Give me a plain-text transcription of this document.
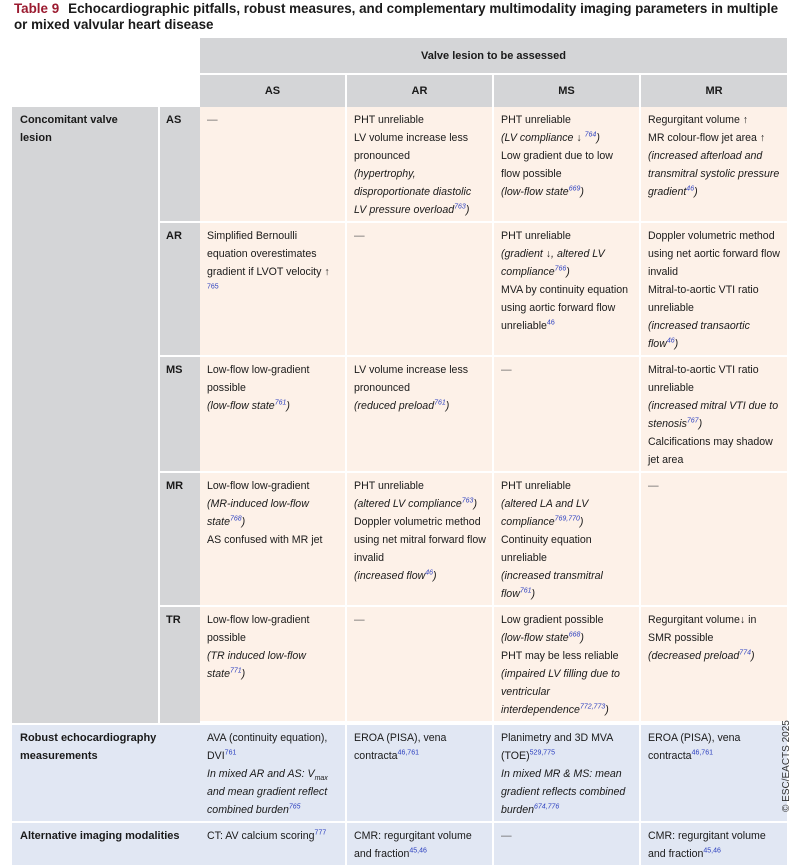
Table 9 Echocardiographic pitfalls, robust measures, and complementary multimodality imaging parameters in multiple or mixed valvular heart disease
		Valve lesion to be assessed			
		AS	AR	MS	MR
Concomitant valve lesion	AS	—	PHT unreliable
LV volume increase less pronounced
(hypertrophy, disproportionate diastolic LV pressure overload$^{763}$)	PHT unreliable
(LV compliance ↓ $^{764}$)
Low gradient due to low flow possible
(low-flow state$^{669}$)	Regurgitant volume ↑
MR colour-flow jet area ↑
(increased afterload and transmitral systolic pressure gradient$^{46}$)

	AR	Simplified Bernoulli equation overestimates gradient if LVOT velocity ↑ $^{765}$	—	PHT unreliable
(gradient ↓, altered LV compliance$^{766}$)
MVA by continuity equation using aortic forward flow unreliable$^{46}$	Doppler volumetric method using net aortic forward flow invalid
Mitral-to-aortic VTI ratio unreliable
(increased transaortic flow$^{46}$)

	MS	Low-flow low-gradient possible
(low-flow state$^{761}$)	LV volume increase less pronounced
(reduced preload$^{761}$)	—	Mitral-to-aortic VTI ratio unreliable
(increased mitral VTI due to stenosis$^{767}$)
Calcifications may shadow jet area

	MR	Low-flow low-gradient
(MR-induced low-flow state$^{768}$)
AS confused with MR jet	PHT unreliable
(altered LV compliance$^{763}$)
Doppler volumetric method using net mitral forward flow invalid
(increased flow$^{46}$)	PHT unreliable
(altered LA and LV compliance$^{769,770}$)
Continuity equation unreliable
(increased transmitral flow$^{761}$)	—

	TR	Low-flow low-gradient possible
(TR induced low-flow state$^{771}$)	—	Low gradient possible
(low-flow state$^{668}$)
PHT may be less reliable
(impaired LV filling due to ventricular interdependence$^{772,773}$)	Regurgitant volume↓ in SMR possible
(decreased preload$^{774}$)

Robust echocardiography measurements		AVA (continuity equation), DVI$^{761}$
In mixed AR and AS: $V_{max}$ and mean gradient reflect combined burden$^{765}$	EROA (PISA), vena contracta$^{46,761}$	Planimetry and 3D MVA (TOE)$^{529,775}$
In mixed MR & MS: mean gradient reflects combined burden$^{674,776}$	EROA (PISA), vena contracta$^{46,761}$

Alternative imaging modalities		CT: AV calcium scoring$^{777}$	CMR: regurgitant volume and fraction$^{45,46}$	—	CMR: regurgitant volume and fraction$^{45,46}$
© ESC/EACTS 2025
